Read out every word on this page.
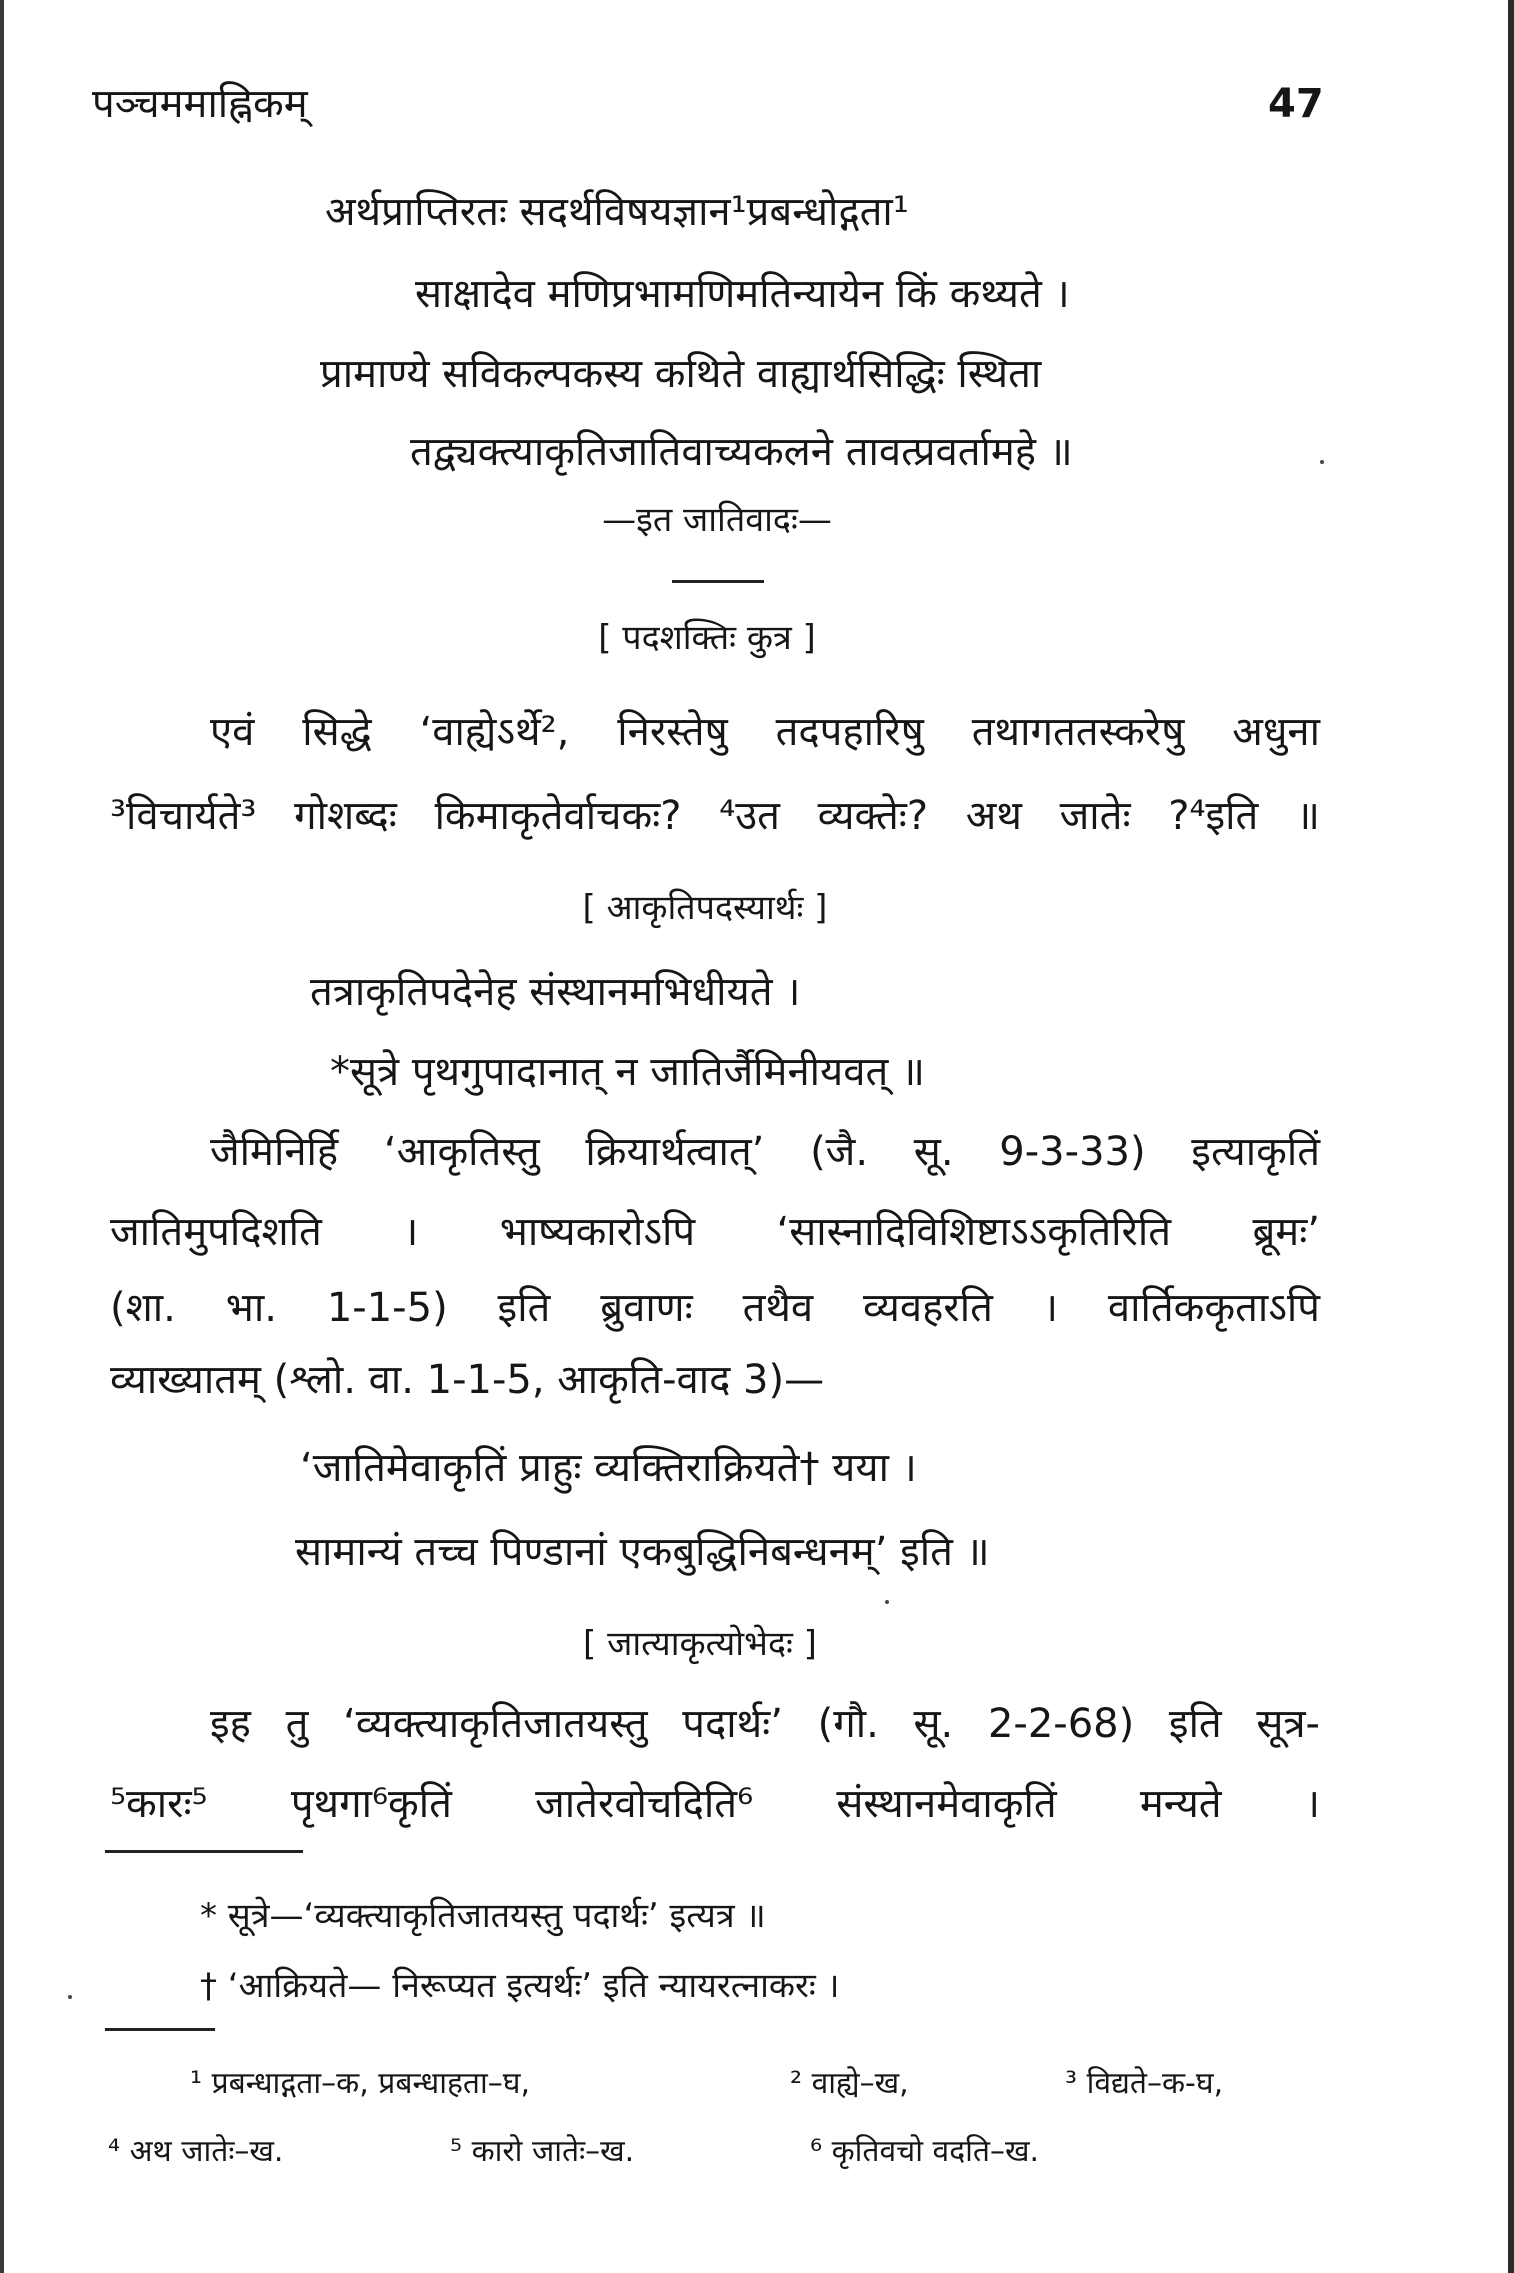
पञ्चममाह्निकम्	47
अर्थप्राप्तिरतः सदर्थविषयज्ञान¹प्रबन्धोद्गता¹
साक्षादेव मणिप्रभामणिमतिन्यायेन किं कथ्यते ।
प्रामाण्ये सविकल्पकस्य कथिते वाह्यार्थसिद्धिः स्थिता
तद्व्यक्त्याकृतिजातिवाच्यकलने तावत्प्रवर्तामहे ॥
—इत जातिवादः—
[ पदशक्तिः कुत्र ]
एवं सिद्धे ‘वाह्येऽर्थे², निरस्तेषु तदपहारिषु तथागततस्करेषु अधुना
³विचार्यते³ गोशब्दः किमाकृतेर्वाचकः? ⁴उत व्यक्तेः? अथ जातेः ?⁴इति ॥
[ आकृतिपदस्यार्थः ]
तत्राकृतिपदेनेह संस्थानमभिधीयते ।
*सूत्रे पृथगुपादानात् न जातिर्जैमिनीयवत् ॥
जैमिनिर्हि ‘आकृतिस्तु क्रियार्थत्वात्’ (जै. सू. 9-3-33) इत्याकृतिं
जातिमुपदिशति । भाष्यकारोऽपि ‘सास्नादिविशिष्टाऽऽकृतिरिति ब्रूमः’
(शा. भा. 1-1-5) इति ब्रुवाणः तथैव व्यवहरति । वार्तिककृताऽपि
व्याख्यातम् (श्लो. वा. 1-1-5, आकृति-वाद 3)—
‘जातिमेवाकृतिं प्राहुः व्यक्तिराक्रियते† यया ।
सामान्यं तच्च पिण्डानां एकबुद्धिनिबन्धनम्’ इति ॥
[ जात्याकृत्योभेदः ]
इह तु ‘व्यक्त्याकृतिजातयस्तु पदार्थः’ (गौ. सू. 2-2-68) इति सूत्र-
⁵कारः⁵ पृथगा⁶कृतिं जातेरवोचदिति⁶ संस्थानमेवाकृतिं मन्यते ।
* सूत्रे—‘व्यक्त्याकृतिजातयस्तु पदार्थः’ इत्यत्र ॥
† ‘आक्रियते— निरूप्यत इत्यर्थः’ इति न्यायरत्नाकरः ।
¹ प्रबन्धाद्गता–क, प्रबन्धाहता–घ,	² वाह्ये–ख,	³ विद्यते–क-घ,
⁴ अथ जातेः–ख.	⁵ कारो जातेः–ख.	⁶ कृतिवचो वदति–ख.
